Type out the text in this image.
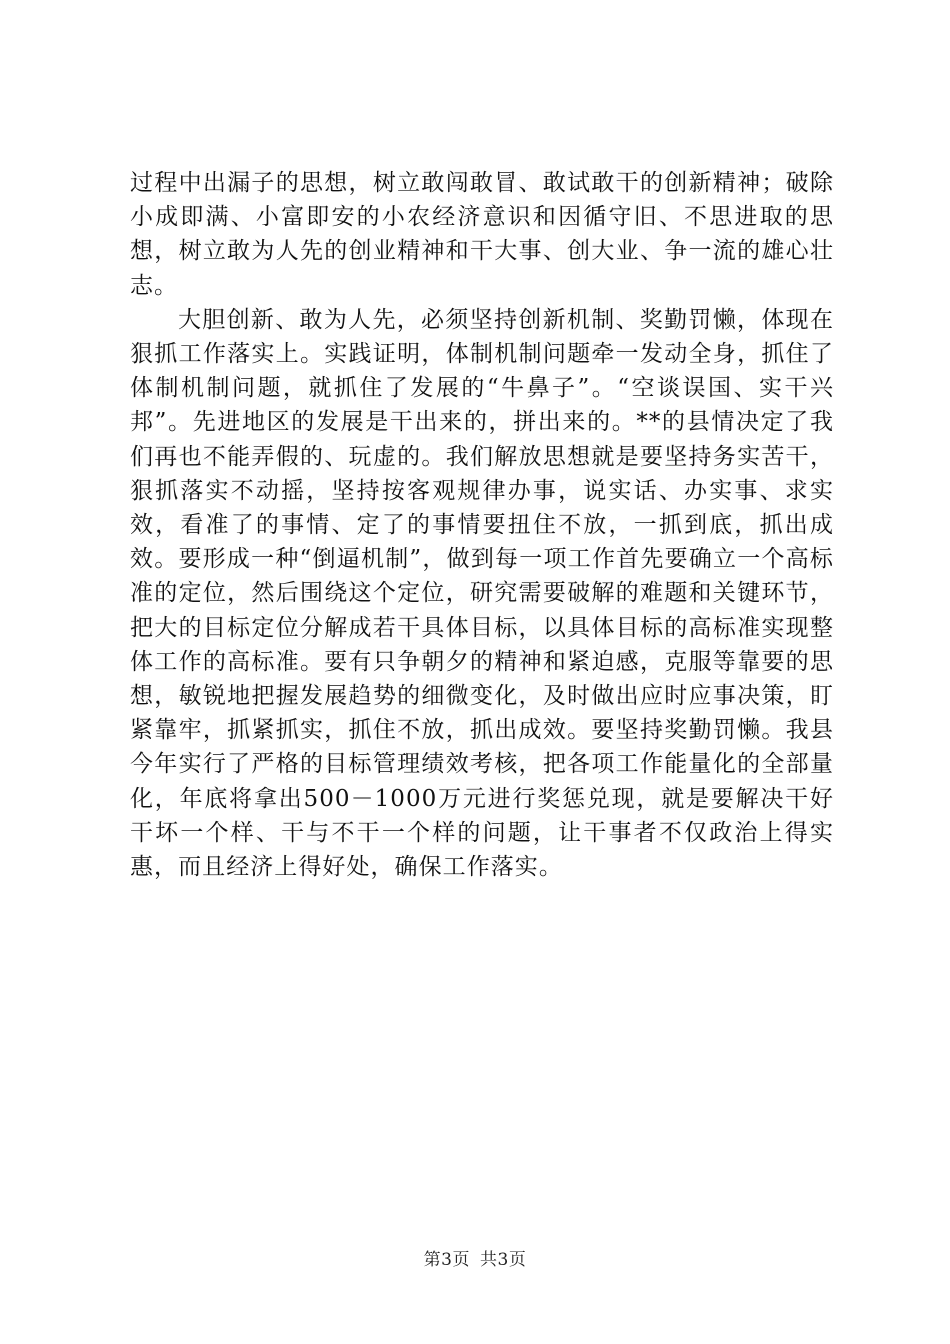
过程中出漏子的思想，树立敢闯敢冒、敢试敢干的创新精神；破除小成即满、小富即安的小农经济意识和因循守旧、不思进取的思想，树立敢为人先的创业精神和干大事、创大业、争一流的雄心壮志。

大胆创新、敢为人先，必须坚持创新机制、奖勤罚懒，体现在狠抓工作落实上。实践证明，体制机制问题牵一发动全身，抓住了体制机制问题，就抓住了发展的“牛鼻子”。“空谈误国、实干兴邦”。先进地区的发展是干出来的，拼出来的。**的县情决定了我们再也不能弄假的、玩虚的。我们解放思想就是要坚持务实苦干，狠抓落实不动摇，坚持按客观规律办事，说实话、办实事、求实效，看准了的事情、定了的事情要扭住不放，一抓到底，抓出成效。要形成一种“倒逼机制”，做到每一项工作首先要确立一个高标准的定位，然后围绕这个定位，研究需要破解的难题和关键环节，把大的目标定位分解成若干具体目标，以具体目标的高标准实现整体工作的高标准。要有只争朝夕的精神和紧迫感，克服等靠要的思想，敏锐地把握发展趋势的细微变化，及时做出应时应事决策，盯紧靠牢，抓紧抓实，抓住不放，抓出成效。要坚持奖勤罚懒。我县今年实行了严格的目标管理绩效考核，把各项工作能量化的全部量化，年底将拿出500－1000万元进行奖惩兑现，就是要解决干好干坏一个样、干与不干一个样的问题，让干事者不仅政治上得实惠，而且经济上得好处，确保工作落实。

第3页 共3页
